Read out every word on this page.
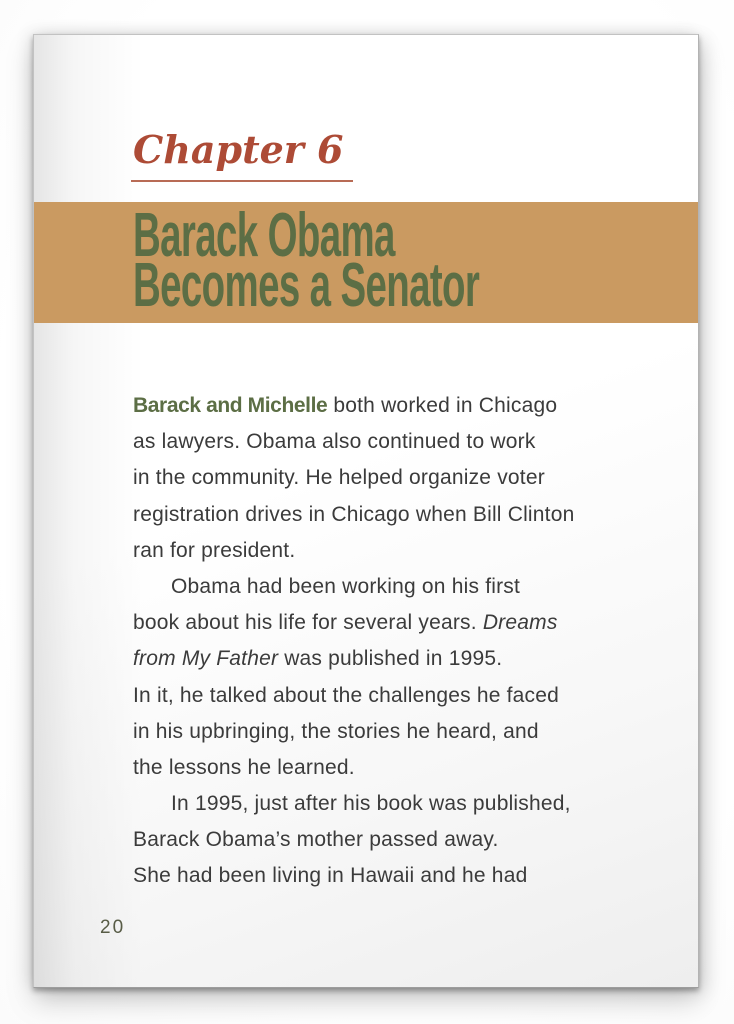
Chapter 6
Barack Obama
Becomes a Senator
Barack and Michelle both worked in Chicago
as lawyers. Obama also continued to work
in the community. He helped organize voter
registration drives in Chicago when Bill Clinton
ran for president.
Obama had been working on his first
book about his life for several years. Dreams
from My Father was published in 1995.
In it, he talked about the challenges he faced
in his upbringing, the stories he heard, and
the lessons he learned.
In 1995, just after his book was published,
Barack Obama’s mother passed away.
She had been living in Hawaii and he had
20
